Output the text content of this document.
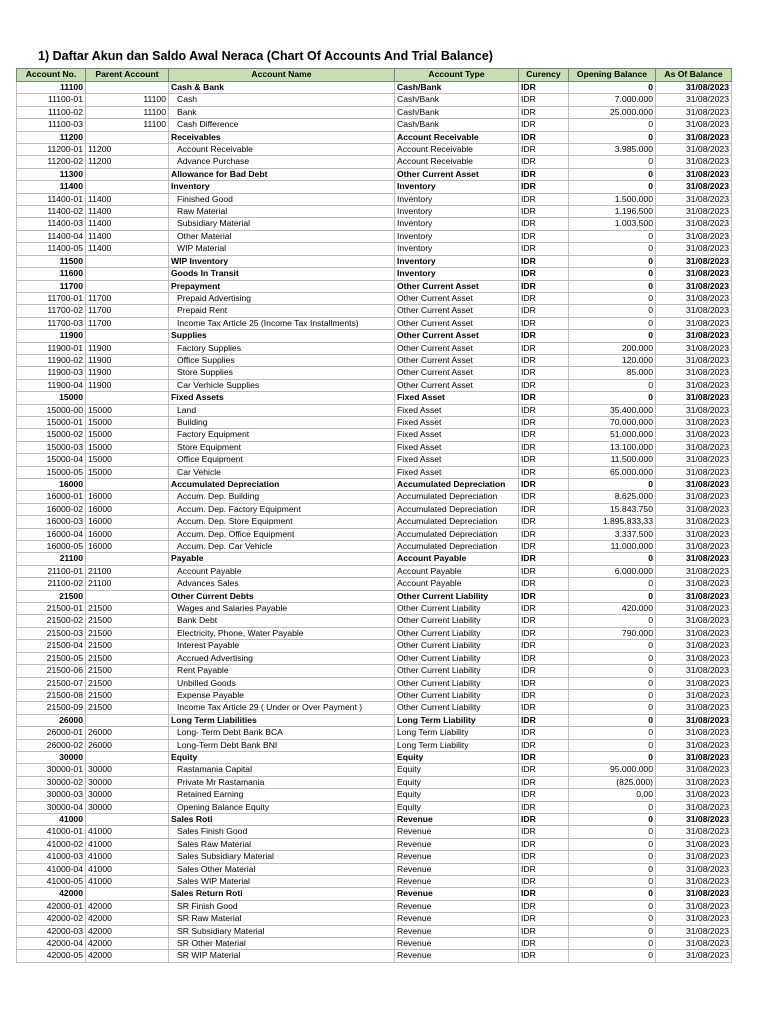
1) Daftar Akun dan Saldo Awal Neraca (Chart Of Accounts And Trial Balance)
Account No.	Parent Account	Account Name	Account Type	Curency	Opening Balance	As Of Balance
11100		Cash & Bank	Cash/Bank	IDR	0	31/08/2023
11100-01	11100	Cash	Cash/Bank	IDR	7.000.000	31/08/2023
11100-02	11100	Bank	Cash/Bank	IDR	25.000.000	31/08/2023
11100-03	11100	Cash Difference	Cash/Bank	IDR	0	31/08/2023
11200		Receivables	Account Receivable	IDR	0	31/08/2023
11200-01	11200	Account Receivable	Account Receivable	IDR	3.985.000	31/08/2023
11200-02	11200	Advance Purchase	Account Receivable	IDR	0	31/08/2023
11300		Allowance for Bad Debt	Other Current Asset	IDR	0	31/08/2023
11400		Inventory	Inventory	IDR	0	31/08/2023
11400-01	11400	Finished Good	Inventory	IDR	1.500.000	31/08/2023
11400-02	11400	Raw Material	Inventory	IDR	1.196.500	31/08/2023
11400-03	11400	Subsidiary Material	Inventory	IDR	1.003.500	31/08/2023
11400-04	11400	Other Material	Inventory	IDR	0	31/08/2023
11400-05	11400	WIP Material	Inventory	IDR	0	31/08/2023
11500		WIP Inventory	Inventory	IDR	0	31/08/2023
11600		Goods In Transit	Inventory	IDR	0	31/08/2023
11700		Prepayment	Other Current Asset	IDR	0	31/08/2023
11700-01	11700	Prepaid Advertising	Other Current Asset	IDR	0	31/08/2023
11700-02	11700	Prepaid Rent	Other Current Asset	IDR	0	31/08/2023
11700-03	11700	Income Tax Article 25 (Income Tax Installments)	Other Current Asset	IDR	0	31/08/2023
11900		Supplies	Other Current Asset	IDR	0	31/08/2023
11900-01	11900	Factory Supplies	Other Current Asset	IDR	200.000	31/08/2023
11900-02	11900	Office Supplies	Other Current Asset	IDR	120.000	31/08/2023
11900-03	11900	Store Supplies	Other Current Asset	IDR	85.000	31/08/2023
11900-04	11900	Car Verhicle Supplies	Other Current Asset	IDR	0	31/08/2023
15000		Fixed Assets	Fixed Asset	IDR	0	31/08/2023
15000-00	15000	Land	Fixed Asset	IDR	35.400.000	31/08/2023
15000-01	15000	Building	Fixed Asset	IDR	70.000.000	31/08/2023
15000-02	15000	Factory Equipment	Fixed Asset	IDR	51.000.000	31/08/2023
15000-03	15000	Store Equipment	Fixed Asset	IDR	13.100.000	31/08/2023
15000-04	15000	Office Equipment	Fixed Asset	IDR	11.500.000	31/08/2023
15000-05	15000	Car Vehicle	Fixed Asset	IDR	65.000.000	31/08/2023
16000		Accumulated Depreciation	Accumulated Depreciation	IDR	0	31/08/2023
16000-01	16000	Accum. Dep. Building	Accumulated Depreciation	IDR	8.625.000	31/08/2023
16000-02	16000	Accum. Dep. Factory Equipment	Accumulated Depreciation	IDR	15.843.750	31/08/2023
16000-03	16000	Accum. Dep. Store Equipment	Accumulated Depreciation	IDR	1.895.833,33	31/08/2023
16000-04	16000	Accum. Dep. Office Equipment	Accumulated Depreciation	IDR	3.337.500	31/08/2023
16000-05	16000	Accum. Dep. Car Vehicle	Accumulated Depreciation	IDR	11.000.000	31/08/2023
21100		Payable	Account Payable	IDR	0	31/08/2023
21100-01	21100	Account Payable	Account Payable	IDR	6.000.000	31/08/2023
21100-02	21100	Advances Sales	Account Payable	IDR	0	31/08/2023
21500		Other Current Debts	Other Current Liability	IDR	0	31/08/2023
21500-01	21500	Wages and Salaries Payable	Other Current Liability	IDR	420.000	31/08/2023
21500-02	21500	Bank Debt	Other Current Liability	IDR	0	31/08/2023
21500-03	21500	Electricity, Phone, Water Payable	Other Current Liability	IDR	790.000	31/08/2023
21500-04	21500	Interest Payable	Other Current Liability	IDR	0	31/08/2023
21500-05	21500	Accrued Advertising	Other Current Liability	IDR	0	31/08/2023
21500-06	21500	Rent Payable	Other Current Liability	IDR	0	31/08/2023
21500-07	21500	Unbilled Goods	Other Current Liability	IDR	0	31/08/2023
21500-08	21500	Expense Payable	Other Current Liability	IDR	0	31/08/2023
21500-09	21500	Income Tax Article 29 ( Under or Over Payment )	Other Current Liability	IDR	0	31/08/2023
26000		Long Term Liabilities	Long Term Liability	IDR	0	31/08/2023
26000-01	26000	Long- Term Debt Bank BCA	Long Term Liability	IDR	0	31/08/2023
26000-02	26000	Long-Term Debt Bank BNI	Long Term Liability	IDR	0	31/08/2023
30000		Equity	Equity	IDR	0	31/08/2023
30000-01	30000	Rastamania Capital	Equity	IDR	95.000.000	31/08/2023
30000-02	30000	Private Mr Rastamania	Equity	IDR	(825.000)	31/08/2023
30000-03	30000	Retained Earning	Equity	IDR	0,00	31/08/2023
30000-04	30000	Opening Balance Equity	Equity	IDR	0	31/08/2023
41000		Sales Roti	Revenue	IDR	0	31/08/2023
41000-01	41000	Sales Finish Good	Revenue	IDR	0	31/08/2023
41000-02	41000	Sales Raw Material	Revenue	IDR	0	31/08/2023
41000-03	41000	Sales Subsidiary Material	Revenue	IDR	0	31/08/2023
41000-04	41000	Sales Other Material	Revenue	IDR	0	31/08/2023
41000-05	41000	Sales WIP Material	Revenue	IDR	0	31/08/2023
42000		Sales Return Roti	Revenue	IDR	0	31/08/2023
42000-01	42000	SR Finish Good	Revenue	IDR	0	31/08/2023
42000-02	42000	SR Raw Material	Revenue	IDR	0	31/08/2023
42000-03	42000	SR Subsidiary Material	Revenue	IDR	0	31/08/2023
42000-04	42000	SR Other Material	Revenue	IDR	0	31/08/2023
42000-05	42000	SR WIP Material	Revenue	IDR	0	31/08/2023
